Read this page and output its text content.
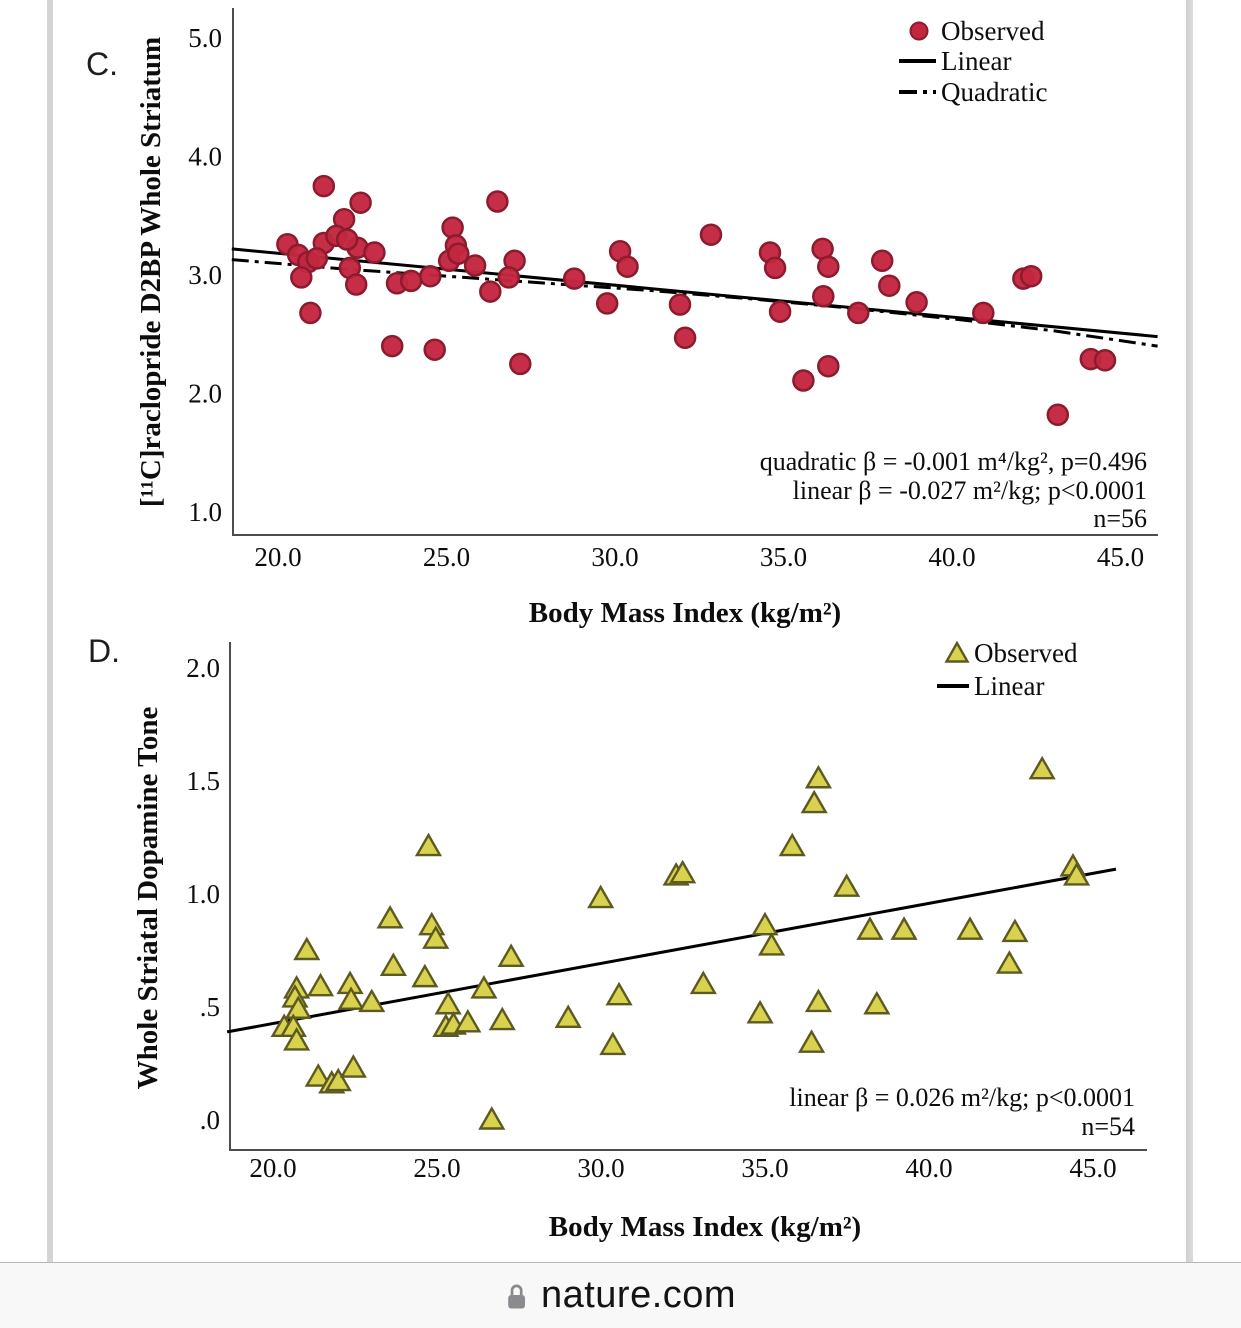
C.
Body Mass Index (kg/m²)
[¹¹C]raclopride D2BP Whole Striatum
Observed
Linear
Quadratic
quadratic β = -0.001 m⁴/kg², p=0.496
linear β = -0.027 m²/kg; p<0.0001
n=56
20.0	25.0	30.0	35.0	40.0	45.0
5.0
4.0
3.0
2.0
1.0
D.
Body Mass Index (kg/m²)
Whole Striatal Dopamine Tone
Observed
Linear
linear β = 0.026 m²/kg; p<0.0001
n=54
20.0	25.0	30.0	35.0	40.0	45.0
2.0
1.5
1.0
.5
.0
nature.com
